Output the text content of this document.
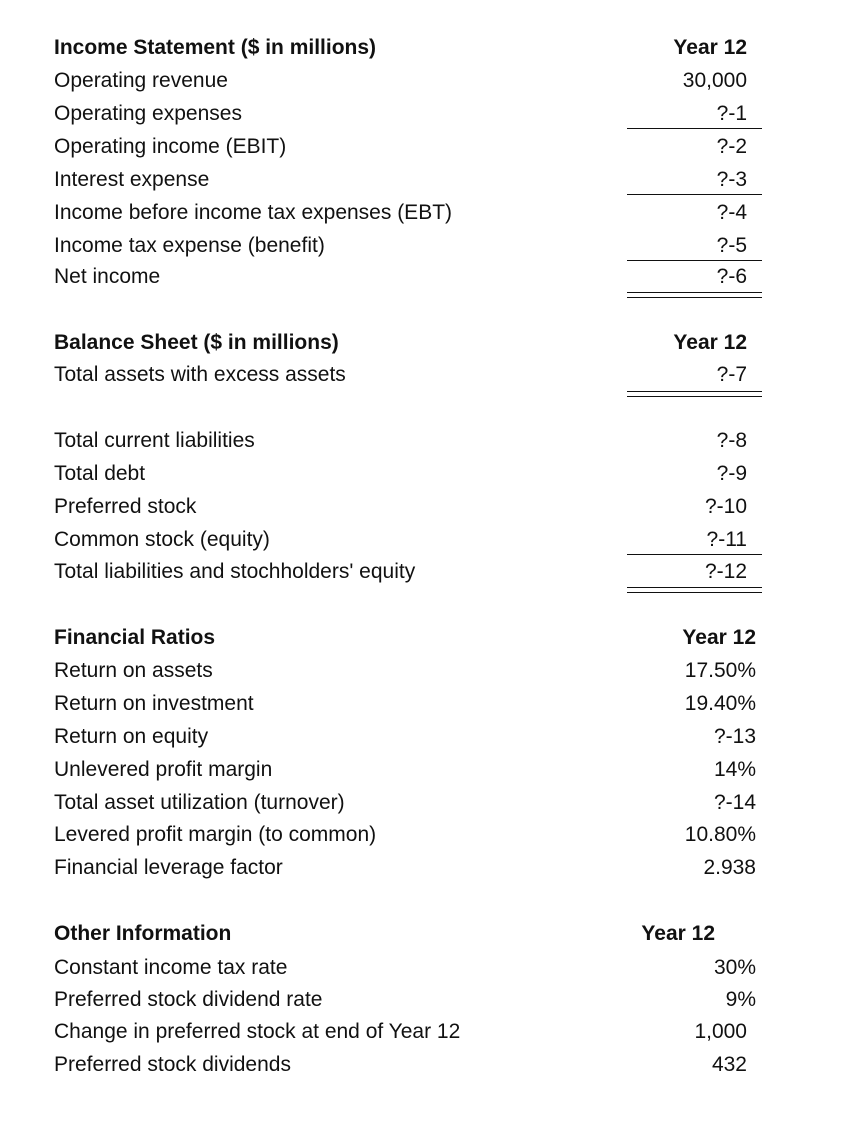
Income Statement ($ in millions)	Year 12
Operating revenue	30,000
Operating expenses	?-1
Operating income (EBIT)	?-2
Interest expense	?-3
Income before income tax expenses (EBT)	?-4
Income tax expense (benefit)	?-5
Net income	?-6
Balance Sheet ($ in millions)	Year 12
Total assets with excess assets	?-7
Total current liabilities	?-8
Total debt	?-9
Preferred stock	?-10
Common stock (equity)	?-11
Total liabilities and stochholders' equity	?-12
Financial Ratios	Year 12
Return on assets	17.50%
Return on investment	19.40%
Return on equity	?-13
Unlevered profit margin	14%
Total asset utilization (turnover)	?-14
Levered profit margin (to common)	10.80%
Financial leverage factor	2.938
Other Information	Year 12
Constant income tax rate	30%
Preferred stock dividend rate	9%
Change in preferred stock at end of Year 12	1,000
Preferred stock dividends	432
